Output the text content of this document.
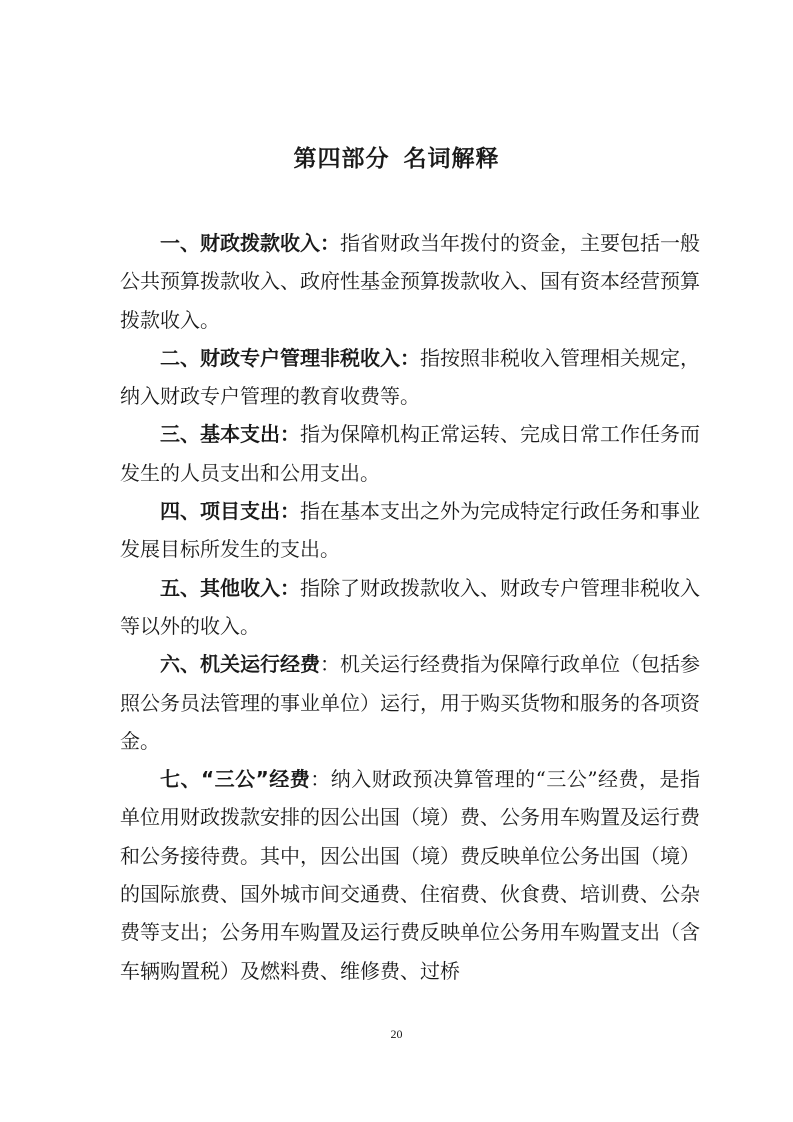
第四部分 名词解释

一、财政拨款收入：指省财政当年拨付的资金，主要包括一般公共预算拨款收入、政府性基金预算拨款收入、国有资本经营预算拨款收入。

二、财政专户管理非税收入：指按照非税收入管理相关规定，纳入财政专户管理的教育收费等。

三、基本支出：指为保障机构正常运转、完成日常工作任务而发生的人员支出和公用支出。

四、项目支出：指在基本支出之外为完成特定行政任务和事业发展目标所发生的支出。

五、其他收入：指除了财政拨款收入、财政专户管理非税收入等以外的收入。

六、机关运行经费：机关运行经费指为保障行政单位（包括参照公务员法管理的事业单位）运行，用于购买货物和服务的各项资金。

七、“三公”经费：纳入财政预决算管理的“三公”经费，是指单位用财政拨款安排的因公出国（境）费、公务用车购置及运行费和公务接待费。其中，因公出国（境）费反映单位公务出国（境）的国际旅费、国外城市间交通费、住宿费、伙食费、培训费、公杂费等支出；公务用车购置及运行费反映单位公务用车购置支出（含车辆购置税）及燃料费、维修费、过桥

20
